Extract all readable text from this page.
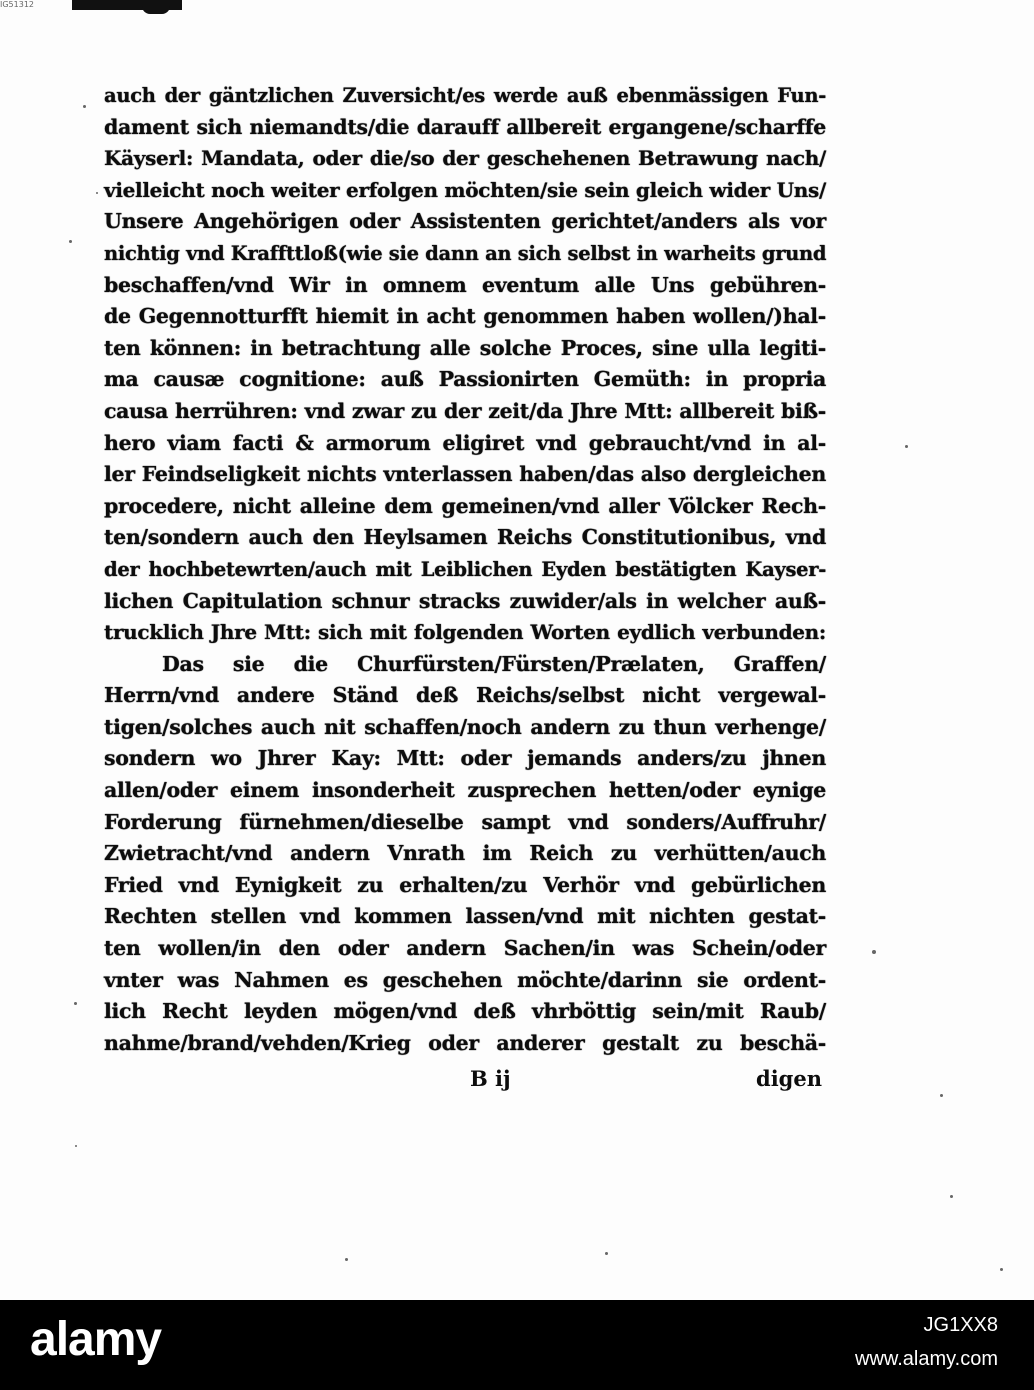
IG51312
auch der gäntzlichen Zuversicht/es werde auß ebenmässigen Fun-
dament sich niemandts/die darauff allbereit ergangene/scharffe
Käyserl: Mandata, oder die/so der geschehenen Betrawung nach/
vielleicht noch weiter erfolgen möchten/sie sein gleich wider Uns/
Unsere Angehörigen oder Assistenten gerichtet/anders als vor
nichtig vnd Kraffttloß(wie sie dann an sich selbst in warheits grund
beschaffen/vnd Wir in omnem eventum alle Uns gebühren-
de Gegennotturfft hiemit in acht genommen haben wollen/)hal-
ten können: in betrachtung alle solche Proces, sine ulla legiti-
ma causæ cognitione: auß Passionirten Gemüth: in propria
causa herrühren: vnd zwar zu der zeit/da Jhre Mtt: allbereit biß-
hero viam facti & armorum eligiret vnd gebraucht/vnd in al-
ler Feindseligkeit nichts vnterlassen haben/das also dergleichen
procedere, nicht alleine dem gemeinen/vnd aller Völcker Rech-
ten/sondern auch den Heylsamen Reichs Constitutionibus, vnd
der hochbetewrten/auch mit Leiblichen Eyden bestätigten Kayser-
lichen Capitulation schnur stracks zuwider/als in welcher auß-
trucklich Jhre Mtt: sich mit folgenden Worten eydlich verbunden:
Das sie die Churfürsten/Fürsten/Prælaten, Graffen/
Herrn/vnd andere Ständ deß Reichs/selbst nicht vergewal-
tigen/solches auch nit schaffen/noch andern zu thun verhenge/
sondern wo Jhrer Kay: Mtt: oder jemands anders/zu jhnen
allen/oder einem insonderheit zusprechen hetten/oder eynige
Forderung fürnehmen/dieselbe sampt vnd sonders/Auffruhr/
Zwietracht/vnd andern Vnrath im Reich zu verhütten/auch
Fried vnd Eynigkeit zu erhalten/zu Verhör vnd gebürlichen
Rechten stellen vnd kommen lassen/vnd mit nichten gestat-
ten wollen/in den oder andern Sachen/in was Schein/oder
vnter was Nahmen es geschehen möchte/darinn sie ordent-
lich Recht leyden mögen/vnd deß vhrböttig sein/mit Raub/
nahme/brand/vehden/Krieg oder anderer gestalt zu beschä-
B ij	digen
alamy	JG1XX8
www.alamy.com
